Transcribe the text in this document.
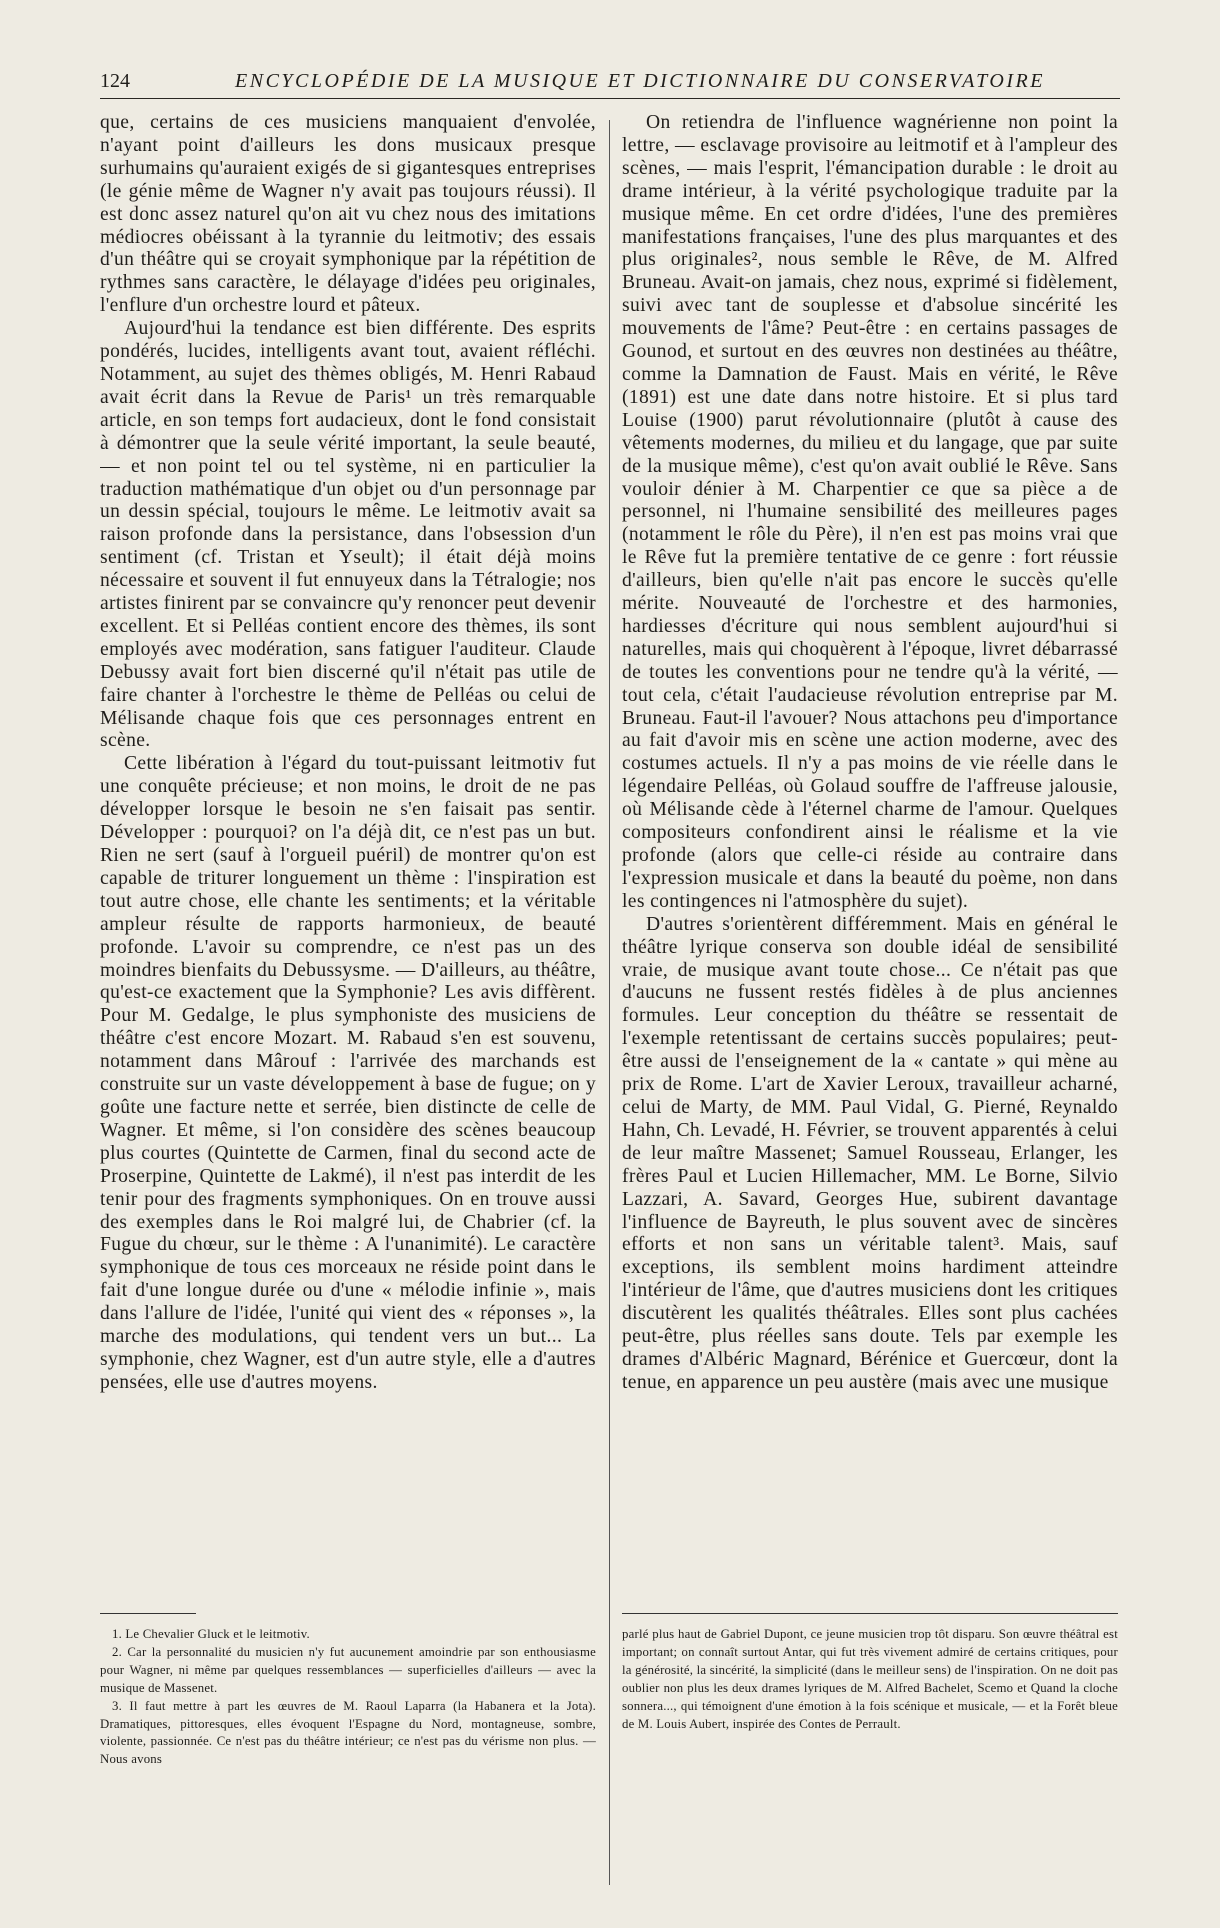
124	ENCYCLOPÉDIE DE LA MUSIQUE ET DICTIONNAIRE DU CONSERVATOIRE

que, certains de ces musiciens manquaient d'envolée, n'ayant point d'ailleurs les dons musicaux presque surhumains qu'auraient exigés de si gigantesques entreprises (le génie même de Wagner n'y avait pas toujours réussi). Il est donc assez naturel qu'on ait vu chez nous des imitations médiocres obéissant à la tyrannie du leitmotiv; des essais d'un théâtre qui se croyait symphonique par la répétition de rythmes sans caractère, le délayage d'idées peu originales, l'enflure d'un orchestre lourd et pâteux.

Aujourd'hui la tendance est bien différente. Des esprits pondérés, lucides, intelligents avant tout, avaient réfléchi. Notamment, au sujet des thèmes obligés, M. Henri Rabaud avait écrit dans la Revue de Paris¹ un très remarquable article, en son temps fort audacieux, dont le fond consistait à démontrer que la seule vérité important, la seule beauté, — et non point tel ou tel système, ni en particulier la traduction mathématique d'un objet ou d'un personnage par un dessin spécial, toujours le même. Le leitmotiv avait sa raison profonde dans la persistance, dans l'obsession d'un sentiment (cf. Tristan et Yseult); il était déjà moins nécessaire et souvent il fut ennuyeux dans la Tétralogie; nos artistes finirent par se convaincre qu'y renoncer peut devenir excellent. Et si Pelléas contient encore des thèmes, ils sont employés avec modération, sans fatiguer l'auditeur. Claude Debussy avait fort bien discerné qu'il n'était pas utile de faire chanter à l'orchestre le thème de Pelléas ou celui de Mélisande chaque fois que ces personnages entrent en scène.

Cette libération à l'égard du tout-puissant leitmotiv fut une conquête précieuse; et non moins, le droit de ne pas développer lorsque le besoin ne s'en faisait pas sentir. Développer : pourquoi? on l'a déjà dit, ce n'est pas un but. Rien ne sert (sauf à l'orgueil puéril) de montrer qu'on est capable de triturer longuement un thème : l'inspiration est tout autre chose, elle chante les sentiments; et la véritable ampleur résulte de rapports harmonieux, de beauté profonde. L'avoir su comprendre, ce n'est pas un des moindres bienfaits du Debussysme. — D'ailleurs, au théâtre, qu'est-ce exactement que la Symphonie? Les avis diffèrent. Pour M. Gedalge, le plus symphoniste des musiciens de théâtre c'est encore Mozart. M. Rabaud s'en est souvenu, notamment dans Mârouf : l'arrivée des marchands est construite sur un vaste développement à base de fugue; on y goûte une facture nette et serrée, bien distincte de celle de Wagner. Et même, si l'on considère des scènes beaucoup plus courtes (Quintette de Carmen, final du second acte de Proserpine, Quintette de Lakmé), il n'est pas interdit de les tenir pour des fragments symphoniques. On en trouve aussi des exemples dans le Roi malgré lui, de Chabrier (cf. la Fugue du chœur, sur le thème : A l'unanimité). Le caractère symphonique de tous ces morceaux ne réside point dans le fait d'une longue durée ou d'une « mélodie infinie », mais dans l'allure de l'idée, l'unité qui vient des « réponses », la marche des modulations, qui tendent vers un but... La symphonie, chez Wagner, est d'un autre style, elle a d'autres pensées, elle use d'autres moyens.

1. Le Chevalier Gluck et le leitmotiv.

2. Car la personnalité du musicien n'y fut aucunement amoindrie par son enthousiasme pour Wagner, ni même par quelques ressemblances — superficielles d'ailleurs — avec la musique de Massenet.

3. Il faut mettre à part les œuvres de M. Raoul Laparra (la Habanera et la Jota). Dramatiques, pittoresques, elles évoquent l'Espagne du Nord, montagneuse, sombre, violente, passionnée. Ce n'est pas du théâtre intérieur; ce n'est pas du vérisme non plus. — Nous avons

On retiendra de l'influence wagnérienne non point la lettre, — esclavage provisoire au leitmotif et à l'ampleur des scènes, — mais l'esprit, l'émancipation durable : le droit au drame intérieur, à la vérité psychologique traduite par la musique même. En cet ordre d'idées, l'une des premières manifestations françaises, l'une des plus marquantes et des plus originales², nous semble le Rêve, de M. Alfred Bruneau. Avait-on jamais, chez nous, exprimé si fidèlement, suivi avec tant de souplesse et d'absolue sincérité les mouvements de l'âme? Peut-être : en certains passages de Gounod, et surtout en des œuvres non destinées au théâtre, comme la Damnation de Faust. Mais en vérité, le Rêve (1891) est une date dans notre histoire. Et si plus tard Louise (1900) parut révolutionnaire (plutôt à cause des vêtements modernes, du milieu et du langage, que par suite de la musique même), c'est qu'on avait oublié le Rêve. Sans vouloir dénier à M. Charpentier ce que sa pièce a de personnel, ni l'humaine sensibilité des meilleures pages (notamment le rôle du Père), il n'en est pas moins vrai que le Rêve fut la première tentative de ce genre : fort réussie d'ailleurs, bien qu'elle n'ait pas encore le succès qu'elle mérite. Nouveauté de l'orchestre et des harmonies, hardiesses d'écriture qui nous semblent aujourd'hui si naturelles, mais qui choquèrent à l'époque, livret débarrassé de toutes les conventions pour ne tendre qu'à la vérité, — tout cela, c'était l'audacieuse révolution entreprise par M. Bruneau. Faut-il l'avouer? Nous attachons peu d'importance au fait d'avoir mis en scène une action moderne, avec des costumes actuels. Il n'y a pas moins de vie réelle dans le légendaire Pelléas, où Golaud souffre de l'affreuse jalousie, où Mélisande cède à l'éternel charme de l'amour. Quelques compositeurs confondirent ainsi le réalisme et la vie profonde (alors que celle-ci réside au contraire dans l'expression musicale et dans la beauté du poème, non dans les contingences ni l'atmosphère du sujet).

D'autres s'orientèrent différemment. Mais en général le théâtre lyrique conserva son double idéal de sensibilité vraie, de musique avant toute chose... Ce n'était pas que d'aucuns ne fussent restés fidèles à de plus anciennes formules. Leur conception du théâtre se ressentait de l'exemple retentissant de certains succès populaires; peut-être aussi de l'enseignement de la « cantate » qui mène au prix de Rome. L'art de Xavier Leroux, travailleur acharné, celui de Marty, de MM. Paul Vidal, G. Pierné, Reynaldo Hahn, Ch. Levadé, H. Février, se trouvent apparentés à celui de leur maître Massenet; Samuel Rousseau, Erlanger, les frères Paul et Lucien Hillemacher, MM. Le Borne, Silvio Lazzari, A. Savard, Georges Hue, subirent davantage l'influence de Bayreuth, le plus souvent avec de sincères efforts et non sans un véritable talent³. Mais, sauf exceptions, ils semblent moins hardiment atteindre l'intérieur de l'âme, que d'autres musiciens dont les critiques discutèrent les qualités théâtrales. Elles sont plus cachées peut-être, plus réelles sans doute. Tels par exemple les drames d'Albéric Magnard, Bérénice et Guercœur, dont la tenue, en apparence un peu austère (mais avec une musique

parlé plus haut de Gabriel Dupont, ce jeune musicien trop tôt disparu. Son œuvre théâtral est important; on connaît surtout Antar, qui fut très vivement admiré de certains critiques, pour la générosité, la sincérité, la simplicité (dans le meilleur sens) de l'inspiration. On ne doit pas oublier non plus les deux drames lyriques de M. Alfred Bachelet, Scemo et Quand la cloche sonnera..., qui témoignent d'une émotion à la fois scénique et musicale, — et la Forêt bleue de M. Louis Aubert, inspirée des Contes de Perrault.
